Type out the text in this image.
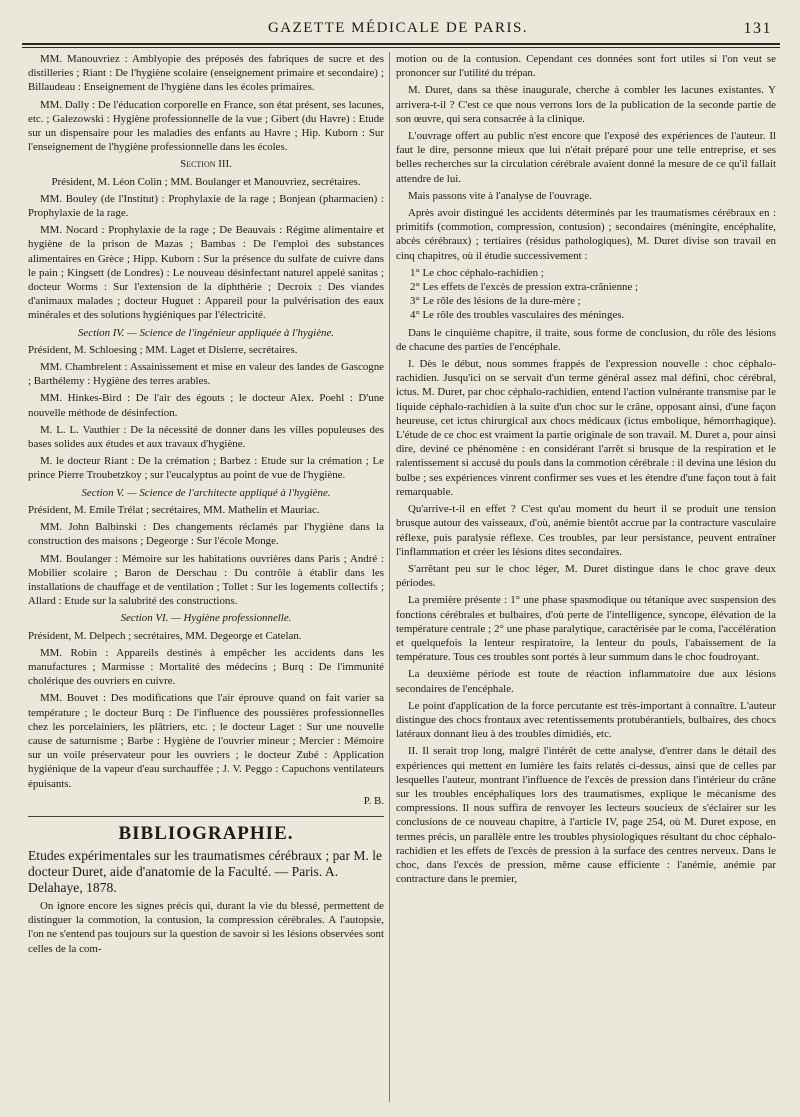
GAZETTE MÉDICALE DE PARIS.	131

MM. Manouvriez : Amblyopie des préposés des fabriques de sucre et des distilleries ; Riant : De l'hygiène scolaire (enseignement primaire et secondaire) ; Billaudeau : Enseignement de l'hygiène dans les écoles primaires.

MM. Dally : De l'éducation corporelle en France, son état présent, ses lacunes, etc. ; Galezowski : Hygiène professionnelle de la vue ; Gibert (du Havre) : Etude sur un dispensaire pour les maladies des enfants au Havre ; Hip. Kuborn : Sur l'enseignement de l'hygiène professionnelle dans les écoles.

Section III.

Président, M. Léon Colin ; MM. Boulanger et Manouvriez, secrétaires.

MM. Bouley (de l'Institut) : Prophylaxie de la rage ; Bonjean (pharmacien) : Prophylaxie de la rage.

MM. Nocard : Prophylaxie de la rage ; De Beauvais : Régime alimentaire et hygiène de la prison de Mazas ; Bambas : De l'emploi des substances alimentaires en Grèce ; Hipp. Kuborn : Sur la présence du sulfate de cuivre dans le pain ; Kingsett (de Londres) : Le nouveau désinfectant naturel appelé sanitas ; docteur Worms : Sur l'extension de la diphthérie ; Decroix : Des viandes d'animaux malades ; docteur Huguet : Appareil pour la pulvérisation des eaux minérales et des solutions hygiéniques par l'électricité.

Section IV. — Science de l'ingénieur appliquée à l'hygiène.

Président, M. Schloesing ; MM. Laget et Dislerre, secrétaires.

MM. Chambrelent : Assainissement et mise en valeur des landes de Gascogne ; Barthélemy : Hygiène des terres arables.

MM. Hinkes-Bird : De l'air des égouts ; le docteur Alex. Poehl : D'une nouvelle méthode de désinfection.

M. L. L. Vauthier : De la nécessité de donner dans les villes populeuses des bases solides aux études et aux travaux d'hygiène.

M. le docteur Riant : De la crémation ; Barbez : Etude sur la crémation ; Le prince Pierre Troubetzkoy ; sur l'eucalyptus au point de vue de l'hygiène.

Section V. — Science de l'architecte appliqué à l'hygiène.

Président, M. Emile Trélat ; secrétaires, MM. Mathelin et Mauriac.

MM. John Balbinski : Des changements réclamés par l'hygiène dans la construction des maisons ; Degeorge : Sur l'école Monge.

MM. Boulanger : Mémoire sur les habitations ouvrières dans Paris ; André : Mobilier scolaire ; Baron de Derschau : Du contrôle à établir dans les installations de chauffage et de ventilation ; Tollet : Sur les logements collectifs ; Allard : Etude sur la salubrité des constructions.

Section VI. — Hygiène professionnelle.

Président, M. Delpech ; secrétaires, MM. Degeorge et Catelan.

MM. Robin : Appareils destinés à empêcher les accidents dans les manufactures ; Marmisse : Mortalité des médecins ; Burq : De l'immunité cholérique des ouvriers en cuivre.

MM. Bouvet : Des modifications que l'air éprouve quand on fait varier sa température ; le docteur Burq : De l'influence des poussières professionnelles chez les porcelainiers, les plâtriers, etc. ; le docteur Laget : Sur une nouvelle cause de saturnisme ; Barbe : Hygiène de l'ouvrier mineur ; Mercier : Mémoire sur un voile préservateur pour les ouvriers ; le docteur Zubé : Application hygiénique de la vapeur d'eau surchauffée ; J. V. Peggo : Capuchons ventilateurs épuisants.

P. B.

BIBLIOGRAPHIE.

Etudes expérimentales sur les traumatismes cérébraux ; par M. le docteur Duret, aide d'anatomie de la Faculté. — Paris. A. Delahaye, 1878.

On ignore encore les signes précis qui, durant la vie du blessé, permettent de distinguer la commotion, la contusion, la compression cérébrales. A l'autopsie, l'on ne s'entend pas toujours sur la question de savoir si les lésions observées sont celles de la com-

motion ou de la contusion. Cependant ces données sont fort utiles si l'on veut se prononcer sur l'utilité du trépan.

M. Duret, dans sa thèse inaugurale, cherche à combler les lacunes existantes. Y arrivera-t-il ? C'est ce que nous verrons lors de la publication de la seconde partie de son œuvre, qui sera consacrée à la clinique.

L'ouvrage offert au public n'est encore que l'exposé des expériences de l'auteur. Il faut le dire, personne mieux que lui n'était préparé pour une telle entreprise, et ses belles recherches sur la circulation cérébrale avaient donné la mesure de ce qu'il fallait attendre de lui.

Mais passons vite à l'analyse de l'ouvrage.

Après avoir distingué les accidents déterminés par les traumatismes cérébraux en : primitifs (commotion, compression, contusion) ; secondaires (méningite, encéphalite, abcès cérébraux) ; tertiaires (résidus pathologiques), M. Duret divise son travail en cinq chapitres, où il étudie successivement :

1° Le choc céphalo-rachidien ;

2° Les effets de l'excès de pression extra-crânienne ;

3° Le rôle des lésions de la dure-mère ;

4° Le rôle des troubles vasculaires des méninges.

Dans le cinquième chapitre, il traite, sous forme de conclusion, du rôle des lésions de chacune des parties de l'encéphale.

I. Dès le début, nous sommes frappés de l'expression nouvelle : choc céphalo-rachidien. Jusqu'ici on se servait d'un terme général assez mal défini, choc cérébral, ictus. M. Duret, par choc céphalo-rachidien, entend l'action vulnérante transmise par le liquide céphalo-rachidien à la suite d'un choc sur le crâne, opposant ainsi, d'une façon heureuse, cet ictus chirurgical aux chocs médicaux (ictus embolique, hémorrhagique). L'étude de ce choc est vraiment la partie originale de son travail. M. Duret a, pour ainsi dire, deviné ce phénomène : en considérant l'arrêt si brusque de la respiration et le ralentissement si accusé du pouls dans la commotion cérébrale : il devina une lésion du bulbe ; ses expériences vinrent confirmer ses vues et les étendre d'une façon tout à fait remarquable.

Qu'arrive-t-il en effet ? C'est qu'au moment du heurt il se produit une tension brusque autour des vaisseaux, d'où, anémie bientôt accrue par la contracture vasculaire réflexe, puis paralysie réflexe. Ces troubles, par leur persistance, peuvent entraîner l'inflammation et créer les lésions dites secondaires.

S'arrêtant peu sur le choc léger, M. Duret distingue dans le choc grave deux périodes.

La première présente : 1° une phase spasmodique ou tétanique avec suspension des fonctions cérébrales et bulbaires, d'où perte de l'intelligence, syncope, élévation de la température centrale ; 2° une phase paralytique, caractérisée par le coma, l'accélération et quelquefois la lenteur respiratoire, la lenteur du pouls, l'abaissement de la température. Tous ces troubles sont portés à leur summum dans le choc foudroyant.

La deuxième période est toute de réaction inflammatoire due aux lésions secondaires de l'encéphale.

Le point d'application de la force percutante est très-important à connaître. L'auteur distingue des chocs frontaux avec retentissements protubérantiels, bulbaires, des chocs latéraux donnant lieu à des troubles dimidiés, etc.

II. Il serait trop long, malgré l'intérêt de cette analyse, d'entrer dans le détail des expériences qui mettent en lumière les faits relatés ci-dessus, ainsi que de celles par lesquelles l'auteur, montrant l'influence de l'excès de pression dans l'intérieur du crâne sur les troubles encéphaliques lors des traumatismes, explique le mécanisme des compressions. Il nous suffira de renvoyer les lecteurs soucieux de s'éclairer sur les conclusions de ce nouveau chapitre, à l'article IV, page 254, où M. Duret expose, en termes précis, un parallèle entre les troubles physiologiques résultant du choc céphalo-rachidien et les effets de l'excès de pression à la surface des centres nerveux. Dans le choc, dans l'excès de pression, même cause efficiente : l'anémie, anémie par contracture dans le premier,
